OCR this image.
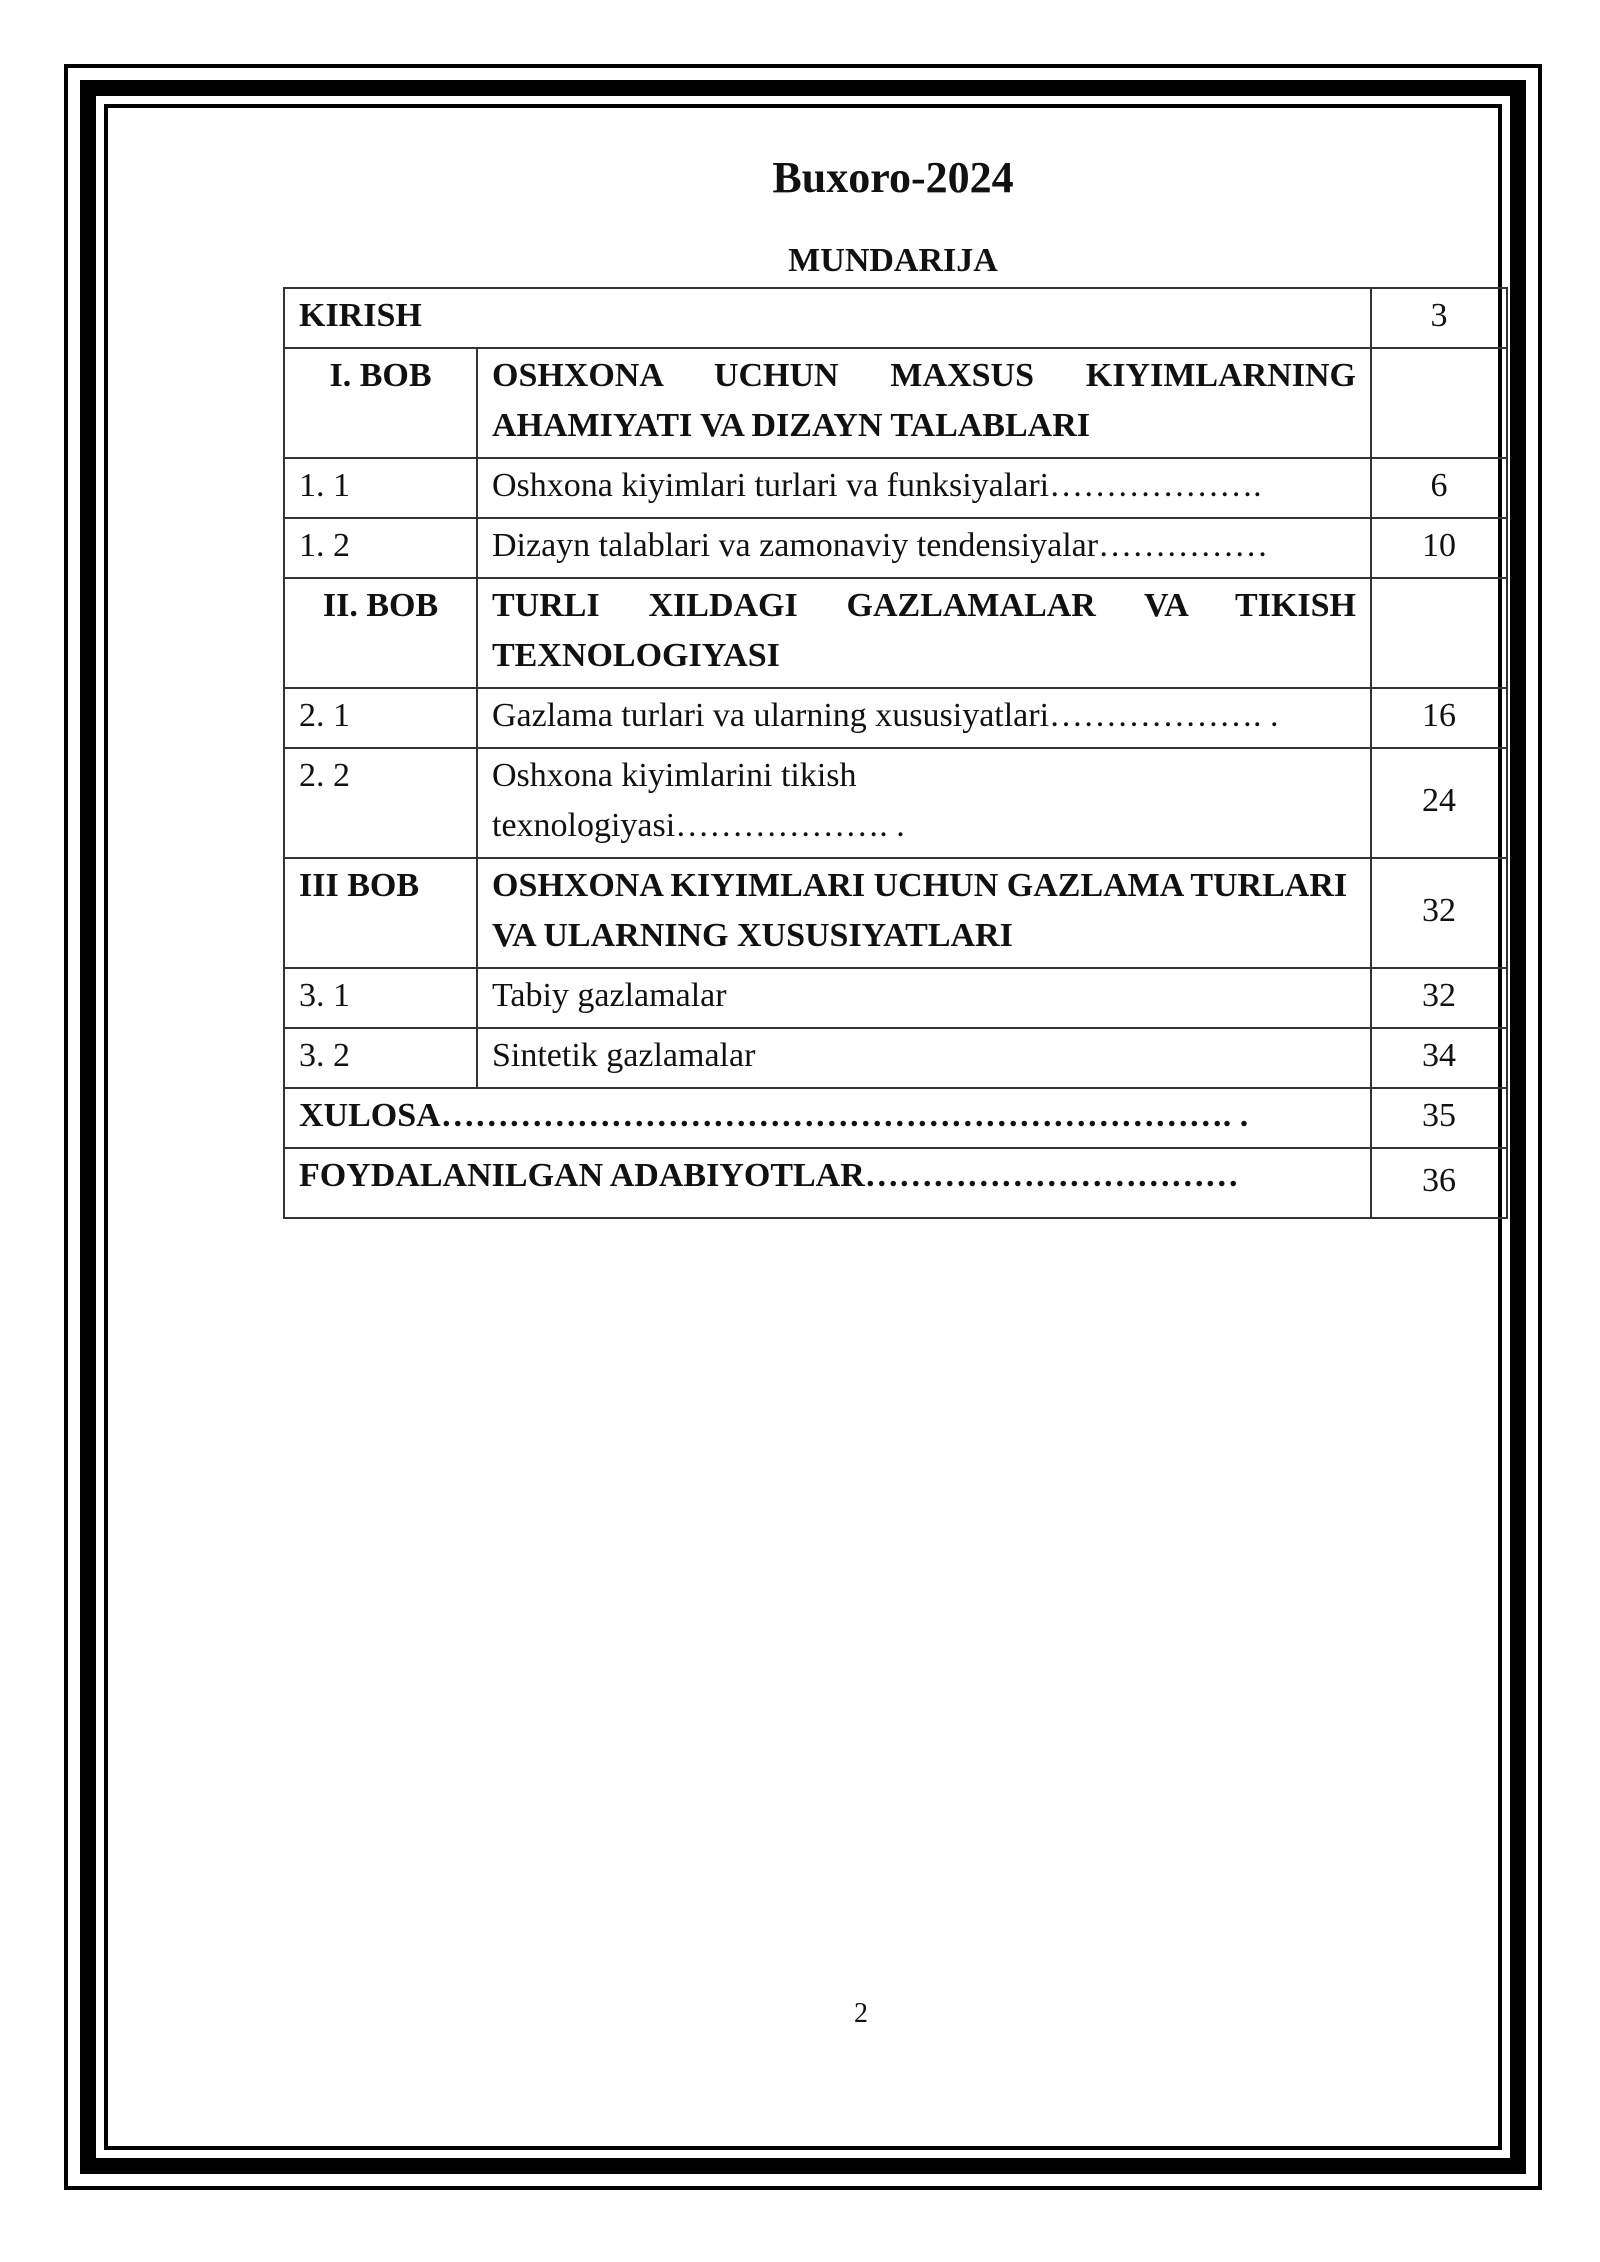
Buxoro-2024
MUNDARIJA
KIRISH		3
I. BOB	OSHXONA UCHUN MAXSUS KIYIMLARNING AHAMIYATI VA DIZAYN TALABLARI	
1. 1	Oshxona kiyimlari turlari va funksiyalari……………….	6
1. 2	Dizayn talablari va zamonaviy tendensiyalar……………	10
II. BOB	TURLI XILDAGI GAZLAMALAR VA TIKISH TEXNOLOGIYASI	
2. 1	Gazlama turlari va ularning xususiyatlari………………. .	16
2. 2	Oshxona kiyimlarini tikish texnologiyasi………………. .	24
III BOB	OSHXONA KIYIMLARI UCHUN GAZLAMA TURLARI VA ULARNING XUSUSIYATLARI	32
3. 1	Tabiy gazlamalar	32
3. 2	Sintetik gazlamalar	34
XULOSA……………………………………………………………. .		35
FOYDALANILGAN ADABIYOTLAR……………………………		36
2
